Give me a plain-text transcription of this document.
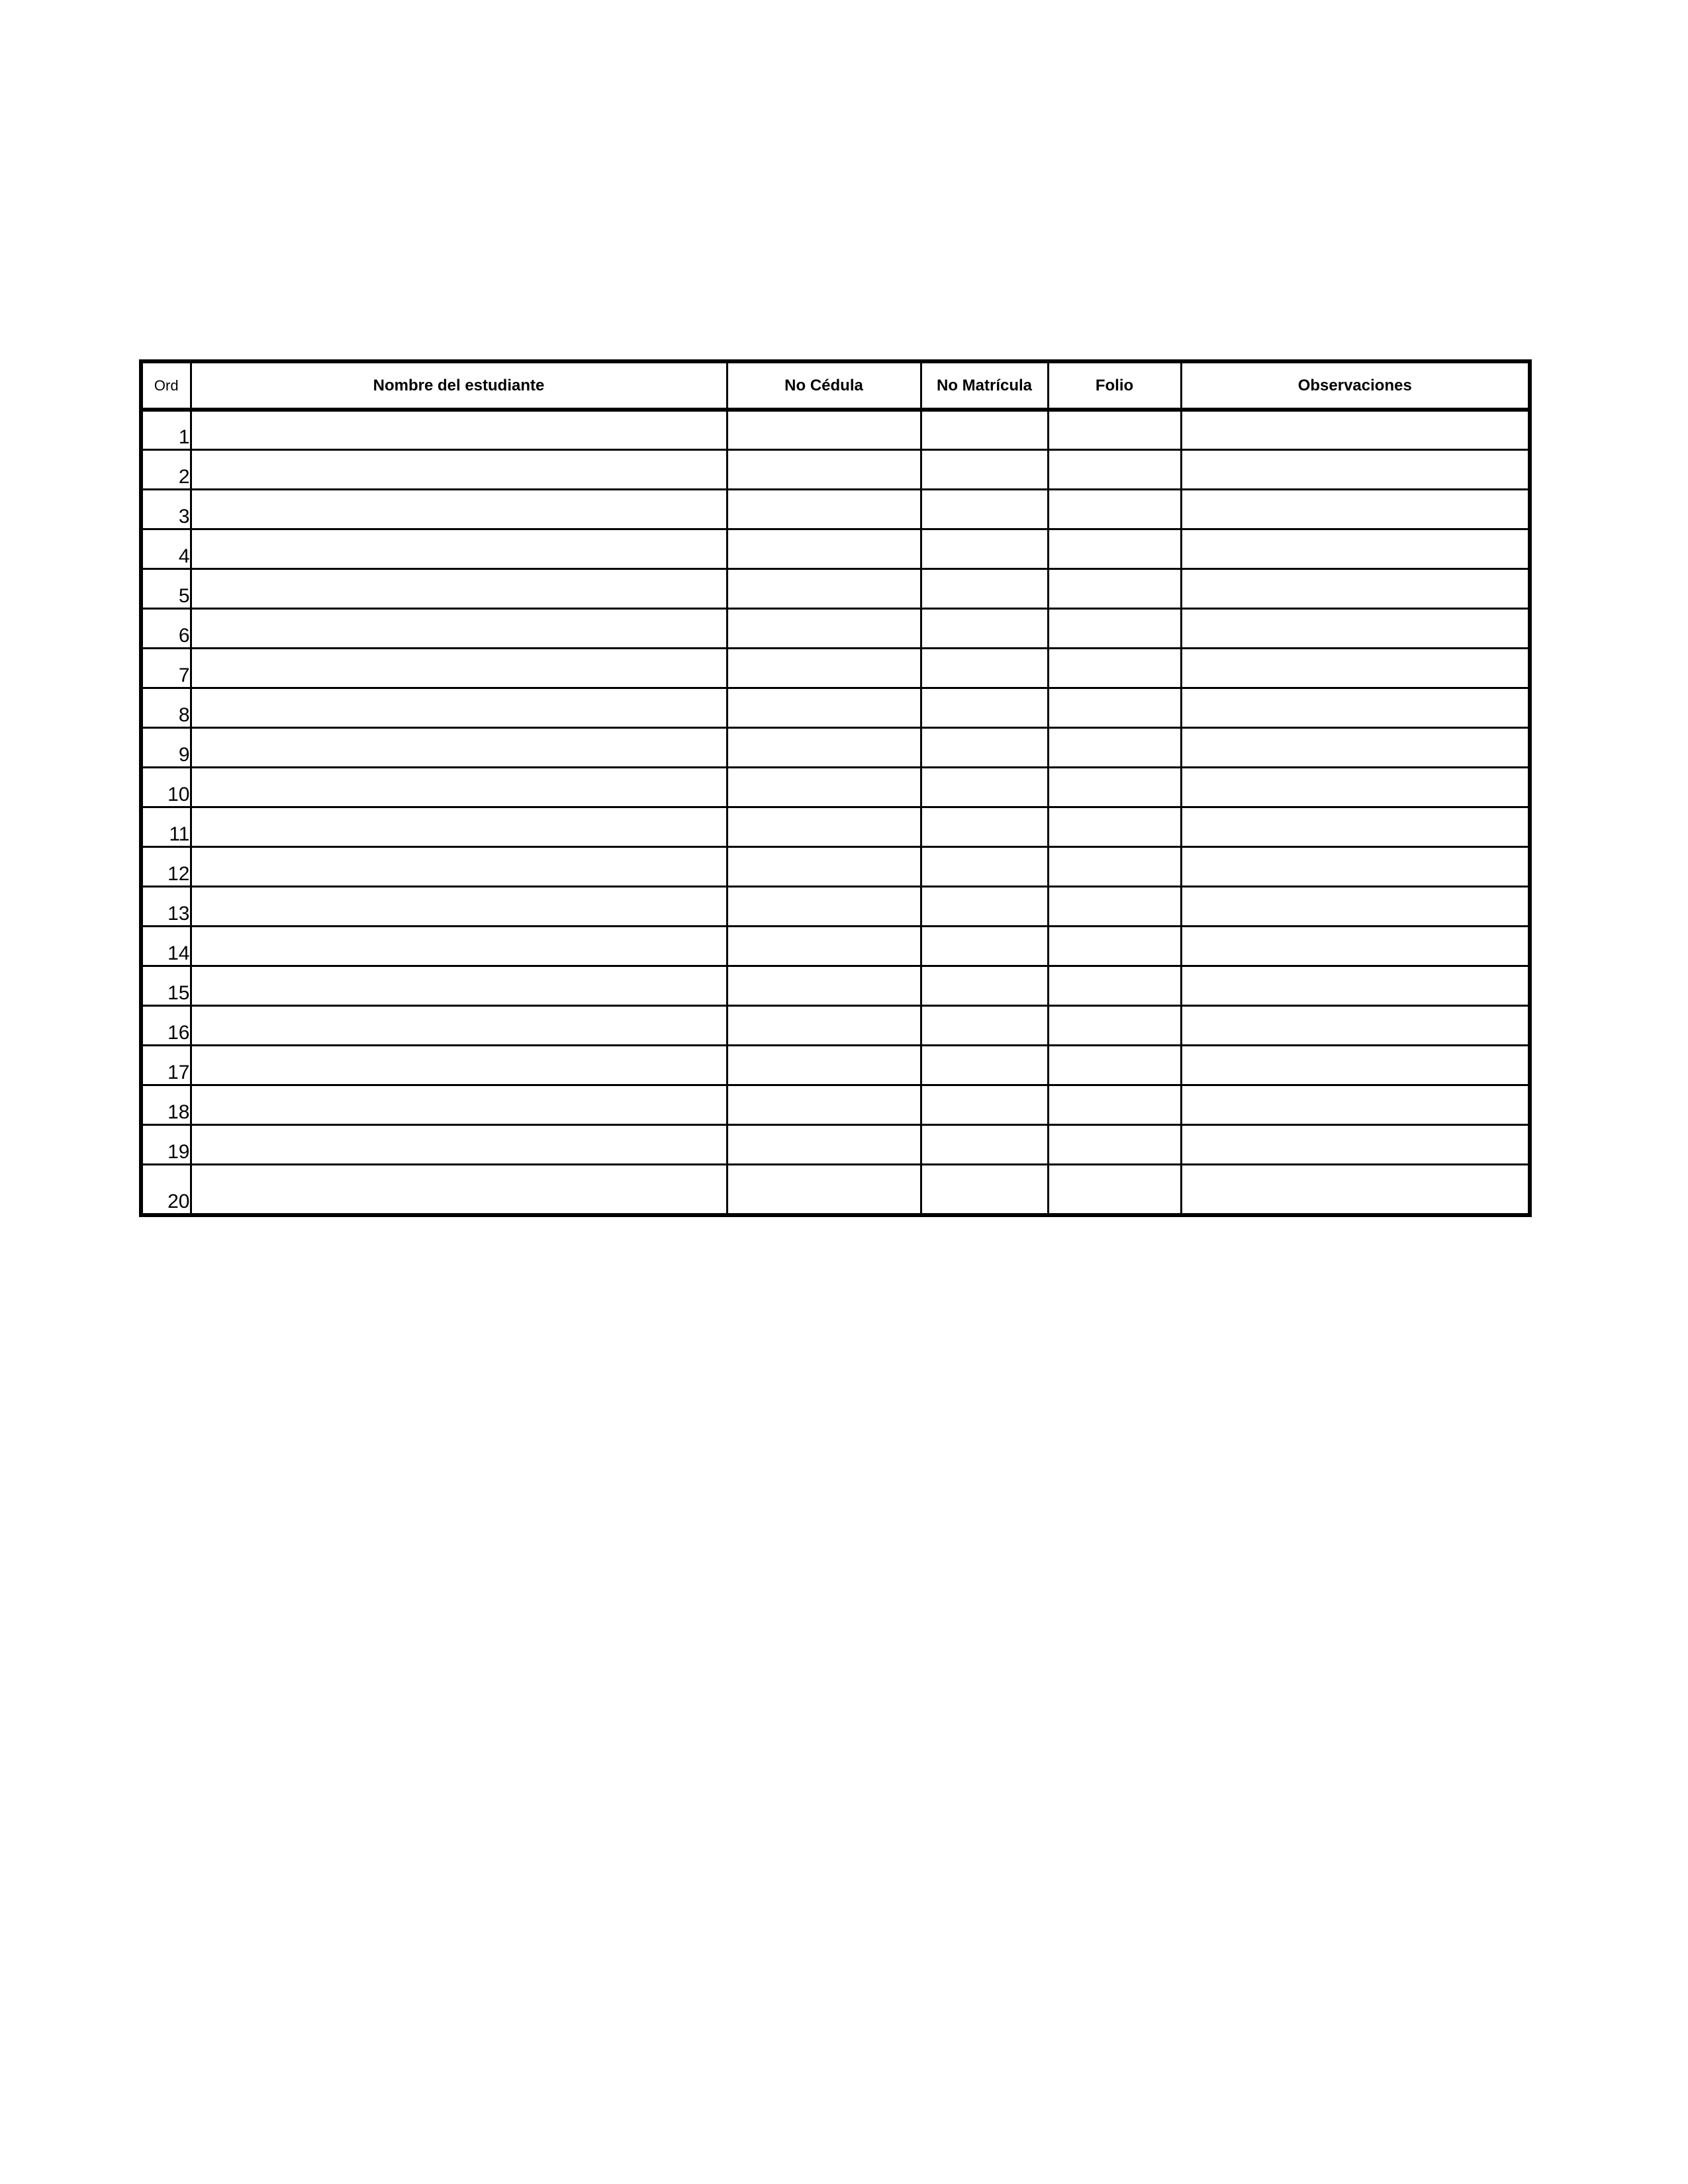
Ord	Nombre del estudiante	No Cédula	No Matrícula	Folio	Observaciones
1					
2					
3					
4					
5					
6					
7					
8					
9					
10					
11					
12					
13					
14					
15					
16					
17					
18					
19					
20					
